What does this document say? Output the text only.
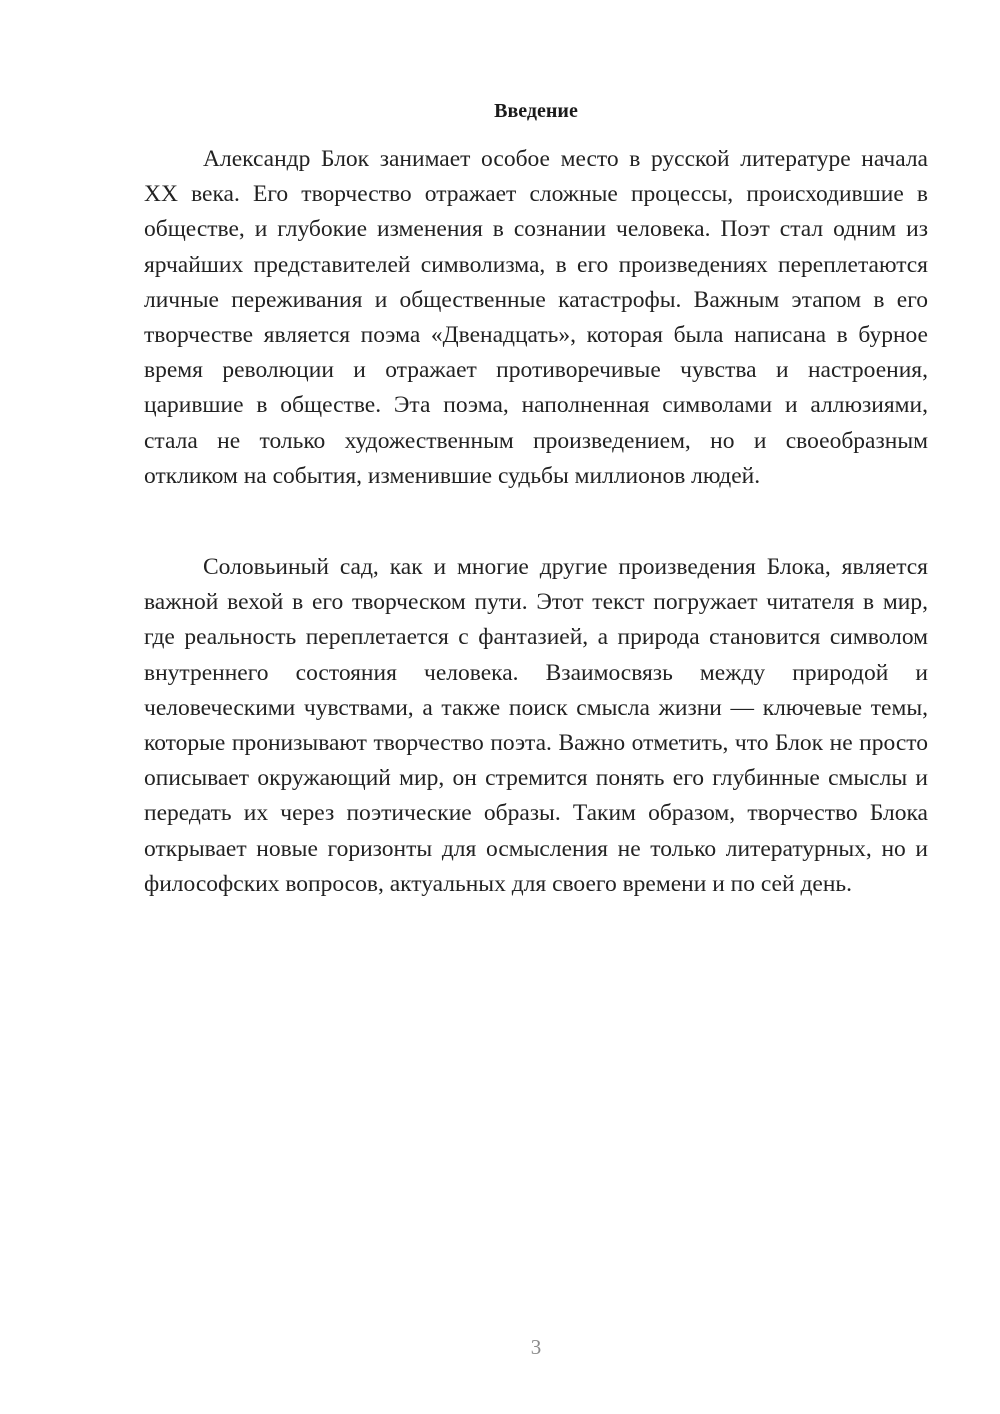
Введение

Александр Блок занимает особое место в русской литературе начала XX века. Его творчество отражает сложные процессы, происходившие в обществе, и глубокие изменения в сознании человека. Поэт стал одним из ярчайших представителей символизма, в его произведениях переплетаются личные переживания и общественные катастрофы. Важным этапом в его творчестве является поэма «Двенадцать», которая была написана в бурное время революции и отражает противоречивые чувства и настроения, царившие в обществе. Эта поэма, наполненная символами и аллюзиями, стала не только художественным произведением, но и своеобразным откликом на события, изменившие судьбы миллионов людей.

Соловьиный сад, как и многие другие произведения Блока, является важной вехой в его творческом пути. Этот текст погружает читателя в мир, где реальность переплетается с фантазией, а природа становится символом внутреннего состояния человека. Взаимосвязь между природой и человеческими чувствами, а также поиск смысла жизни — ключевые темы, которые пронизывают творчество поэта. Важно отметить, что Блок не просто описывает окружающий мир, он стремится понять его глубинные смыслы и передать их через поэтические образы. Таким образом, творчество Блока открывает новые горизонты для осмысления не только литературных, но и философских вопросов, актуальных для своего времени и по сей день.

3
